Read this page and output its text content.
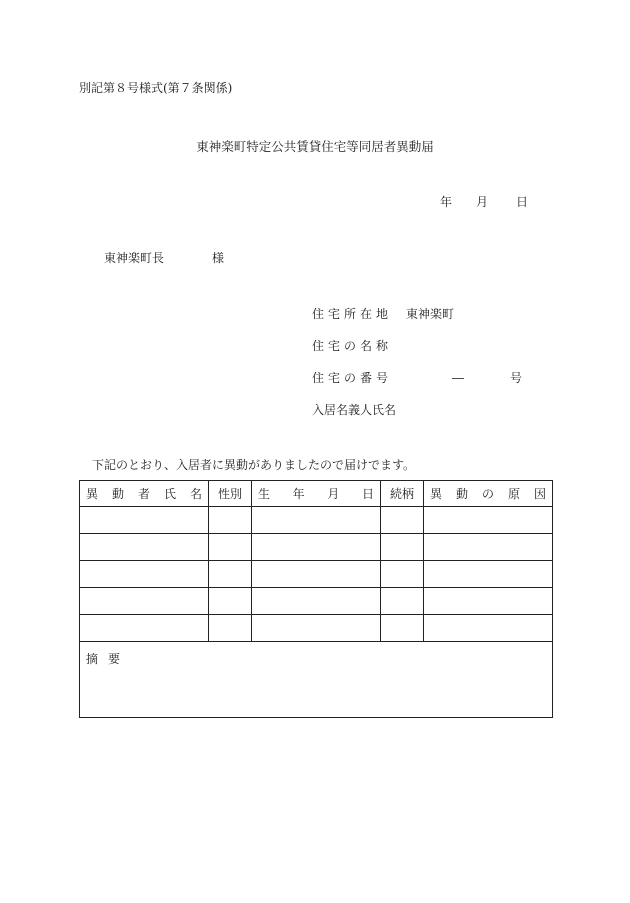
別記第８号様式(第７条関係)
東神楽町特定公共賃貸住宅等同居者異動届
年 月 日
東神楽町長	様
住宅所在地 東神楽町
住宅の名称
住宅の番号	―	号
入居名義人氏名
下記のとおり、入居者に異動がありましたので届けでます。
異 動 者 氏 名	性別	生 年 月 日	続柄	異 動 の 原 因

摘要
